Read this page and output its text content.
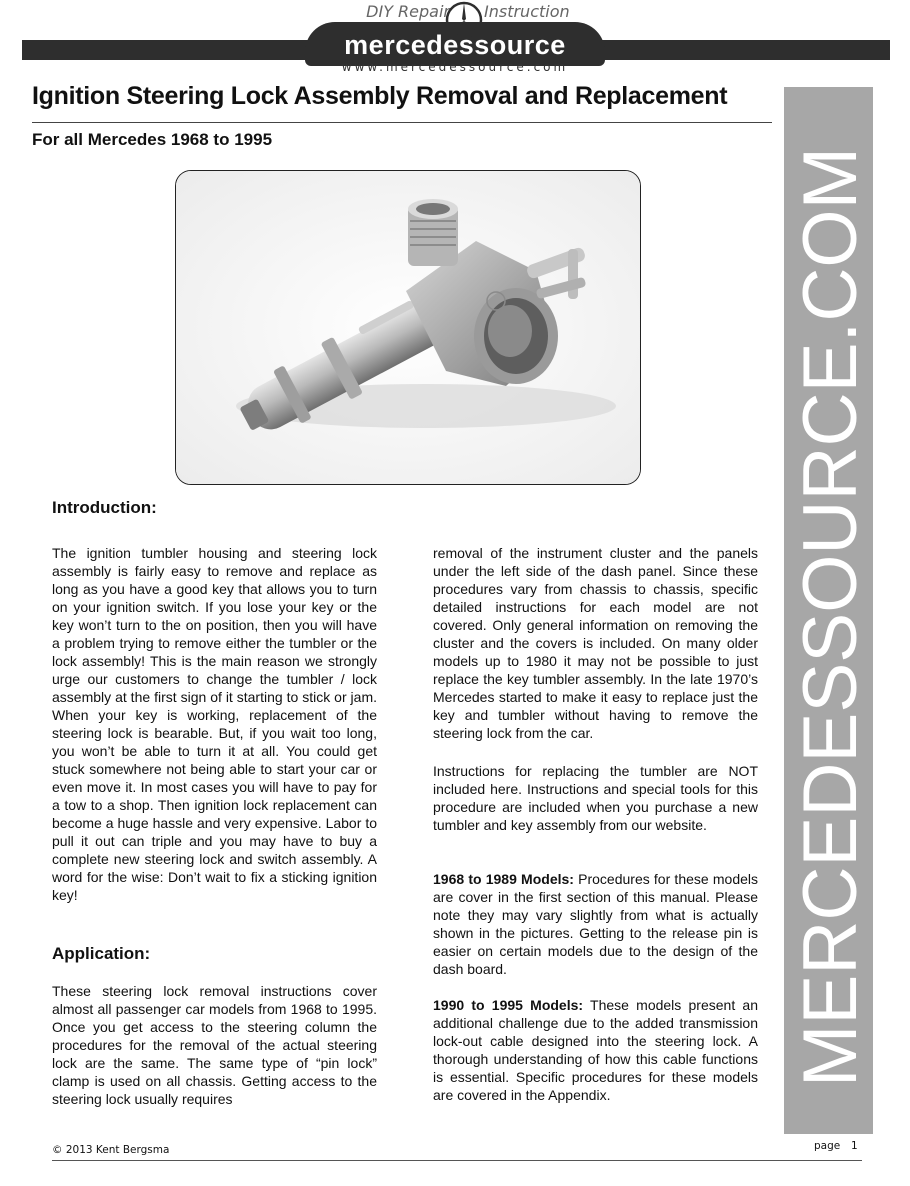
DIY Repair Instruction
mercedessource
www.mercedessource.com
Ignition Steering Lock Assembly Removal and Replacement
For all Mercedes 1968 to 1995	MERCEDESSOURCE.COM
Introduction:

The ignition tumbler housing and steering lock assembly is fairly easy to remove and replace as long as you have a good key that allows you to turn on your ignition switch. If you lose your key or the key won’t turn to the on position, then you will have a problem trying to remove either the tumbler or the lock assembly! This is the main reason we strongly urge our customers to change the tumbler / lock assembly at the first sign of it starting to stick or jam. When your key is working, replacement of the steering lock is bearable. But, if you wait too long, you won’t be able to turn it at all. You could get stuck somewhere not being able to start your car or even move it. In most cases you will have to pay for a tow to a shop. Then ignition lock replacement can become a huge hassle and very expensive. Labor to pull it out can triple and you may have to buy a complete new steering lock and switch assembly. A word for the wise: Don’t wait to fix a sticking ignition key!

Application:

These steering lock removal instructions cover almost all passenger car models from 1968 to 1995. Once you get access to the steering column the procedures for the removal of the actual steering lock are the same. The same type of “pin lock” clamp is used on all chassis. Getting access to the steering lock usually requires

removal of the instrument cluster and the panels under the left side of the dash panel. Since these procedures vary from chassis to chassis, specific detailed instructions for each model are not covered. Only general information on removing the cluster and the covers is included. On many older models up to 1980 it may not be possible to just replace the key tumbler assembly. In the late 1970’s Mercedes started to make it easy to replace just the key and tumbler without having to remove the steering lock from the car.

Instructions for replacing the tumbler are NOT included here. Instructions and special tools for this procedure are included when you purchase a new tumbler and key assembly from our website.

1968 to 1989 Models: Procedures for these models are cover in the first section of this manual. Please note they may vary slightly from what is actually shown in the pictures. Getting to the release pin is easier on certain models due to the design of the dash board.

1990 to 1995 Models: These models present an additional challenge due to the added transmission lock-out cable designed into the steering lock. A thorough understanding of how this cable functions is essential. Specific procedures for these models are covered in the Appendix.

© 2013 Kent Bergsma	page 1
